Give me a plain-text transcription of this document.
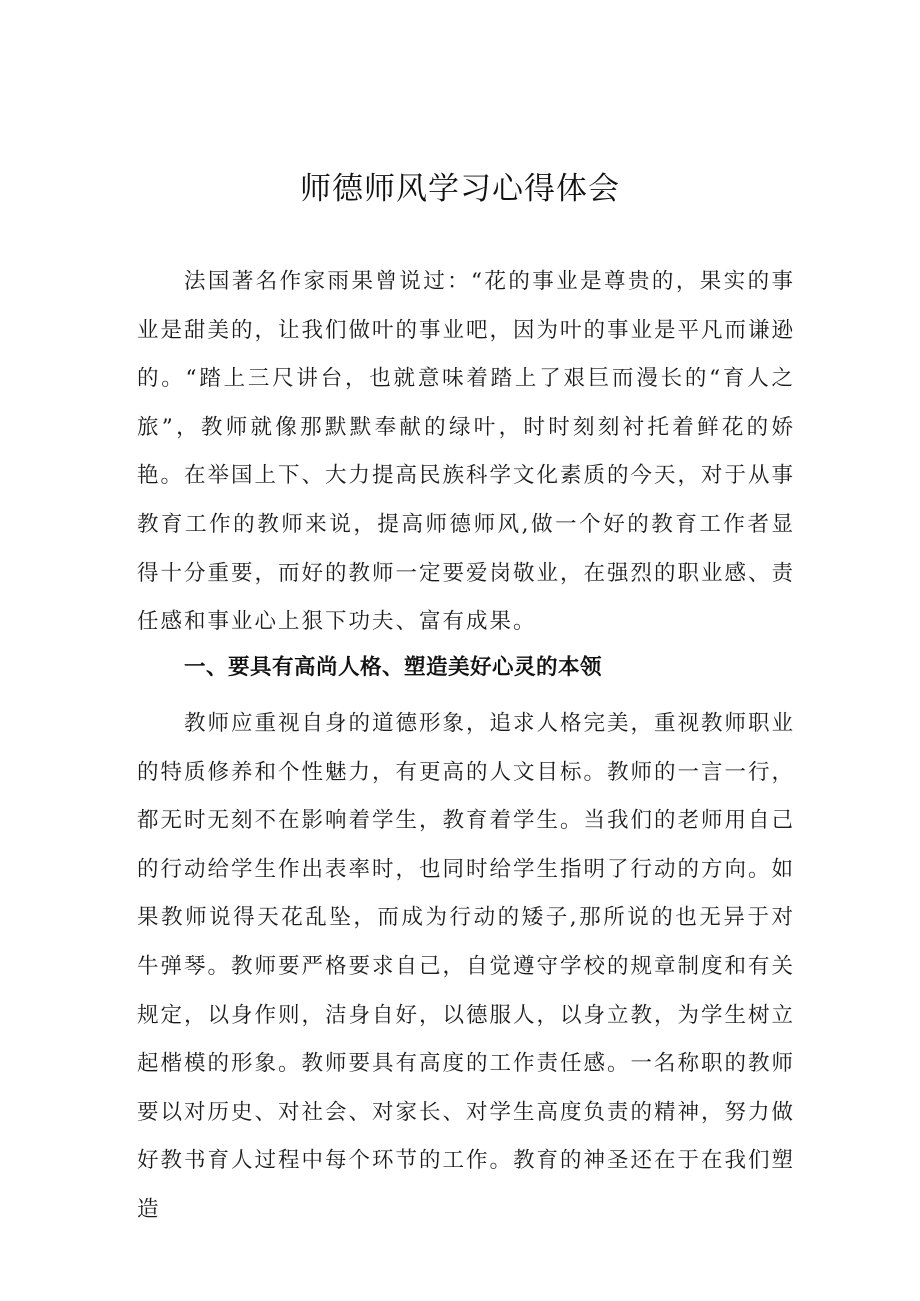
师德师风学习心得体会

法国著名作家雨果曾说过：“花的事业是尊贵的，果实的事业是甜美的，让我们做叶的事业吧，因为叶的事业是平凡而谦逊的。“踏上三尺讲台，也就意味着踏上了艰巨而漫长的“育人之旅”，教师就像那默默奉献的绿叶，时时刻刻衬托着鲜花的娇艳。在举国上下、大力提高民族科学文化素质的今天，对于从事教育工作的教师来说，提高师德师风,做一个好的教育工作者显得十分重要，而好的教师一定要爱岗敬业，在强烈的职业感、责任感和事业心上狠下功夫、富有成果。

一、要具有高尚人格、塑造美好心灵的本领

教师应重视自身的道德形象，追求人格完美，重视教师职业的特质修养和个性魅力，有更高的人文目标。教师的一言一行，都无时无刻不在影响着学生，教育着学生。当我们的老师用自己的行动给学生作出表率时，也同时给学生指明了行动的方向。如果教师说得天花乱坠，而成为行动的矮子,那所说的也无异于对牛弹琴。教师要严格要求自己，自觉遵守学校的规章制度和有关规定，以身作则，洁身自好，以德服人，以身立教，为学生树立起楷模的形象。教师要具有高度的工作责任感。一名称职的教师要以对历史、对社会、对家长、对学生高度负责的精神，努力做好教书育人过程中每个环节的工作。教育的神圣还在于在我们塑造
